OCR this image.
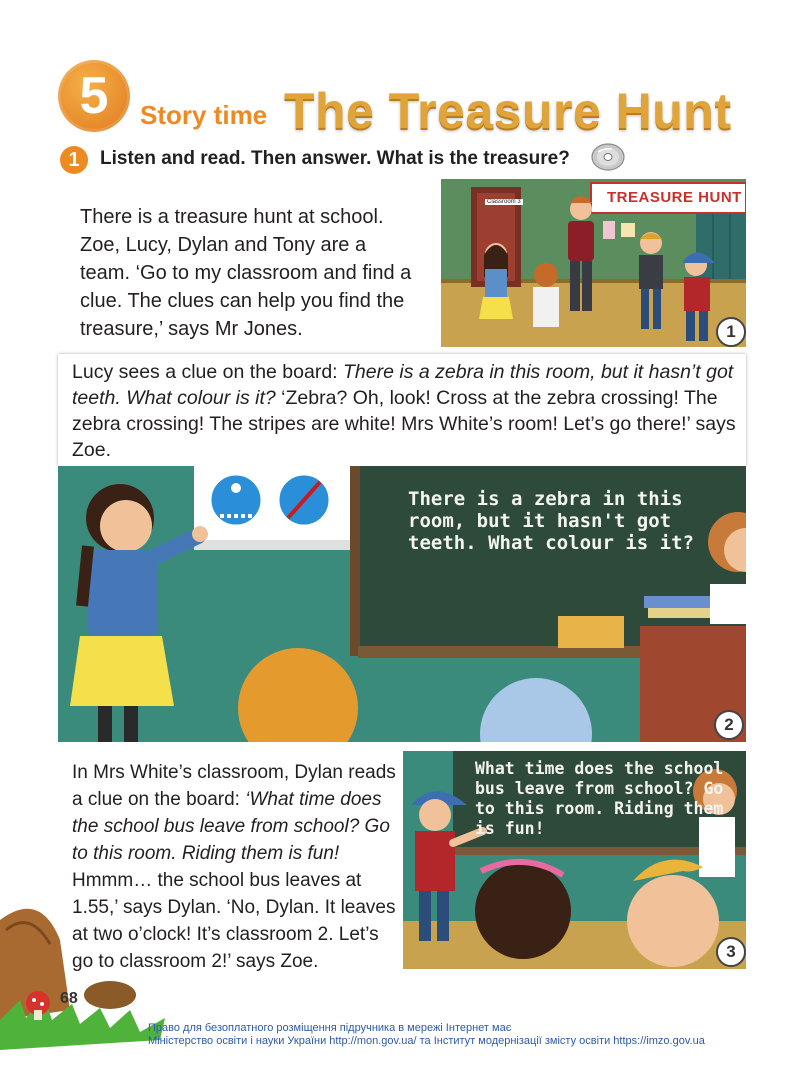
5	Story time The Treasure Hunt
1	Listen and read. Then answer. What is the treasure?
There is a treasure hunt at school. Zoe, Lucy, Dylan and Tony are a team. ‘Go to my classroom and find a clue. The clues can help you find the treasure,’ says Mr Jones.
TREASURE HUNT
Classroom 3
1
Lucy sees a clue on the board: There is a zebra in this room, but it hasn’t got teeth. What colour is it? ‘Zebra? Oh, look! Cross at the zebra crossing! The zebra crossing! The stripes are white! Mrs White’s room! Let’s go there!’ says Zoe.
There is a zebra in this
room, but it hasn't got
teeth. What colour is it?
2
In Mrs White’s classroom, Dylan reads a clue on the board: ‘What time does the school bus leave from school? Go to this room. Riding them is fun! Hmmm… the school bus leaves at 1.55,’ says Dylan. ‘No, Dylan. It leaves at two o’clock! It’s classroom 2. Let’s go to classroom 2!’ says Zoe.
What time does the school
bus leave from school? Go
to this room. Riding them
is fun!
3
68
Право для безоплатного розміщення підручника в мережі Інтернет має
Міністерство освіти і науки України http://mon.gov.ua/ та Інститут модернізації змісту освіти https://imzo.gov.ua
